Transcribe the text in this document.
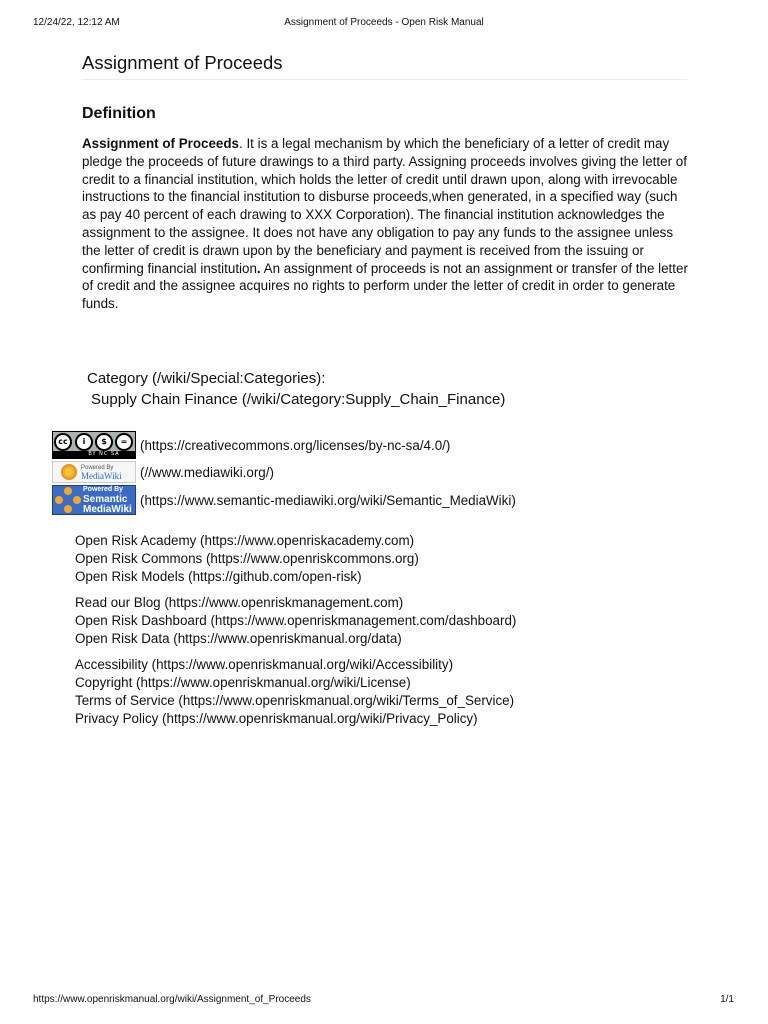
12/24/22, 12:12 AM	Assignment of Proceeds - Open Risk Manual
Assignment of Proceeds
Definition

Assignment of Proceeds. It is a legal mechanism by which the beneficiary of a letter of credit may pledge the proceeds of future drawings to a third party. Assigning proceeds involves giving the letter of credit to a financial institution, which holds the letter of credit until drawn upon, along with irrevocable instructions to the financial institution to disburse proceeds,when generated, in a specified way (such as pay 40 percent of each drawing to XXX Corporation). The financial institution acknowledges the assignment to the assignee. It does not have any obligation to pay any funds to the assignee unless the letter of credit is drawn upon by the beneficiary and payment is received from the issuing or confirming financial institution. An assignment of proceeds is not an assignment or transfer of the letter of credit and the assignee acquires no rights to perform under the letter of credit in order to generate funds.

Category (/wiki/Special:Categories):
Supply Chain Finance (/wiki/Category:Supply_Chain_Finance)
cc	i	$	=
BY NC SA
(https://creativecommons.org/licenses/by-nc-sa/4.0/)
Powered By
MediaWiki (//www.mediawiki.org/)
Powered By
Semantic
MediaWiki
(https://www.semantic-mediawiki.org/wiki/Semantic_MediaWiki)
Open Risk Academy (https://www.openriskacademy.com)
Open Risk Commons (https://www.openriskcommons.org)
Open Risk Models (https://github.com/open-risk)
Read our Blog (https://www.openriskmanagement.com)
Open Risk Dashboard (https://www.openriskmanagement.com/dashboard)
Open Risk Data (https://www.openriskmanual.org/data)
Accessibility (https://www.openriskmanual.org/wiki/Accessibility)
Copyright (https://www.openriskmanual.org/wiki/License)
Terms of Service (https://www.openriskmanual.org/wiki/Terms_of_Service)
Privacy Policy (https://www.openriskmanual.org/wiki/Privacy_Policy)
https://www.openriskmanual.org/wiki/Assignment_of_Proceeds	1/1
